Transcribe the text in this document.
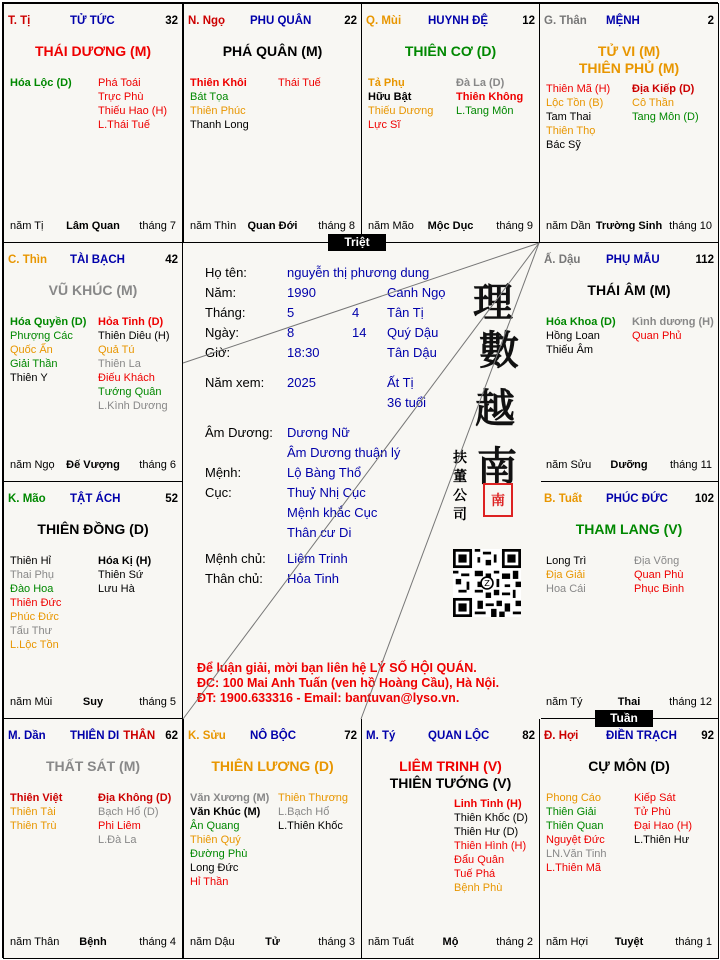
T. Tị	TỬ TỨC	32
THÁI DƯƠNG (M)
Hóa Lộc (D) Phá Toái
Trực Phù
Thiếu Hao (H)
L.Thái Tuế
năm Tị	Lâm Quan	tháng 7
N. Ngọ PHU QUÂN	22
PHÁ QUÂN (M)
Thiên Khôi
Bát Tọa
Thiên Phúc
Thanh Long
Thái Tuế
năm Thìn	Quan Đới	tháng 8
Q. Mùi HUYNH ĐỆ	12
THIÊN CƠ (D)
Tả Phụ
Hữu Bật
Thiếu Dương
Lực Sĩ
Đà La (D)
Thiên Không
L.Tang Môn
năm Mão	Mộc Dục	tháng 9
G. Thân MỆNH	2
TỬ VI (M)
THIÊN PHỦ (M)
Thiên Mã (H)
Lộc Tồn (B)
Tam Thai
Thiên Thọ
Bác Sỹ
Địa Kiếp (D)
Cô Thần
Tang Môn (D)
năm Dần Trường Sinh tháng 10
C. Thìn TÀI BẠCH	42
VŨ KHÚC (M)
Hóa Quyền (D)
Phượng Các
Quốc Ấn
Giải Thần
Thiên Y
Hỏa Tinh (D)
Thiên Diêu (H)
Quả Tú
Thiên La
Điếu Khách
Tướng Quân
L.Kình Dương
năm Ngọ	Đế Vượng	tháng 6
Ấ. Dậu PHỤ MẪU	112
THÁI ÂM (M)
Hóa Khoa (D)
Hồng Loan
Thiếu Âm
Kình dương (H)
Quan Phủ
năm Sửu	Dưỡng	tháng 11
K. Mão TẬT ÁCH	52
THIÊN ĐỒNG (D)
Thiên Hỉ
Thai Phụ
Đào Hoa
Thiên Đức
Phúc Đức
Tấu Thư
L.Lộc Tồn
Hóa Kị (H)
Thiên Sứ
Lưu Hà
năm Mùi	Suy	tháng 5
B. Tuất PHÚC ĐỨC 102
THAM LANG (V)
Long Trì
Địa Giải
Hoa Cái
Địa Võng
Quan Phù
Phục Binh
năm Tý	Thai	tháng 12
M. Dần THIÊN DI THÂN 62
THẤT SÁT (M)
Thiên Việt
Thiên Tài
Thiên Trù
Địa Không (D)
Bạch Hổ (D)
Phi Liêm
L.Đà La
năm Thân	Bệnh	tháng 4
K. Sửu NÔ BỘC	72
THIÊN LƯƠNG (D)
Văn Xương (M)
Văn Khúc (M)
Ân Quang
Thiên Quý
Đường Phù
Long Đức
Hỉ Thần
Thiên Thương
L.Bạch Hổ
L.Thiên Khốc
năm Dậu	Tử	tháng 3
M. Tý	QUAN LỘC	82
LIÊM TRINH (V)
THIÊN TƯỚNG (V)
Linh Tinh (H)
Thiên Khốc (D)
Thiên Hư (D)
Thiên Hình (H)
Đẩu Quân
Tuế Phá
Bệnh Phù
năm Tuất	Mộ	tháng 2
Đ. Hợi ĐIỀN TRẠCH 92
CỰ MÔN (D)
Phong Cáo
Thiên Giải
Thiên Quan
Nguyệt Đức
LN.Văn Tinh
L.Thiên Mã
Kiếp Sát
Tử Phù
Đại Hao (H)
L.Thiên Hư
năm Hợi	Tuyệt	tháng 1
Họ tên:	nguyễn thị phương dung
Năm:	1990	Canh Ngọ
Tháng:	5	4 Tân Tị
Ngày:	8	14 Quý Dậu
Giờ:	18:30	Tân Dậu
Năm xem: 2025	Ất Tị
36 tuổi
Âm Dương: Dương Nữ
Âm Dương thuận lý
Mệnh:	Lộ Bàng Thổ
Cục:	Thuỷ Nhị Cục
Mệnh khắc Cục
Thân cư Di
Mệnh chủ: Liêm Trinh
Thân chủ: Hỏa Tinh
理
數
越
南
扶
董
公
司
南
Z
Để luận giải, mời bạn liên hệ LÝ SỐ HỘI QUÁN.
ĐC: 100 Mai Anh Tuấn (ven hồ Hoàng Cầu), Hà Nội.
ĐT: 1900.633316 - Email: bantuvan@lyso.vn.
Triệt
Tuần
